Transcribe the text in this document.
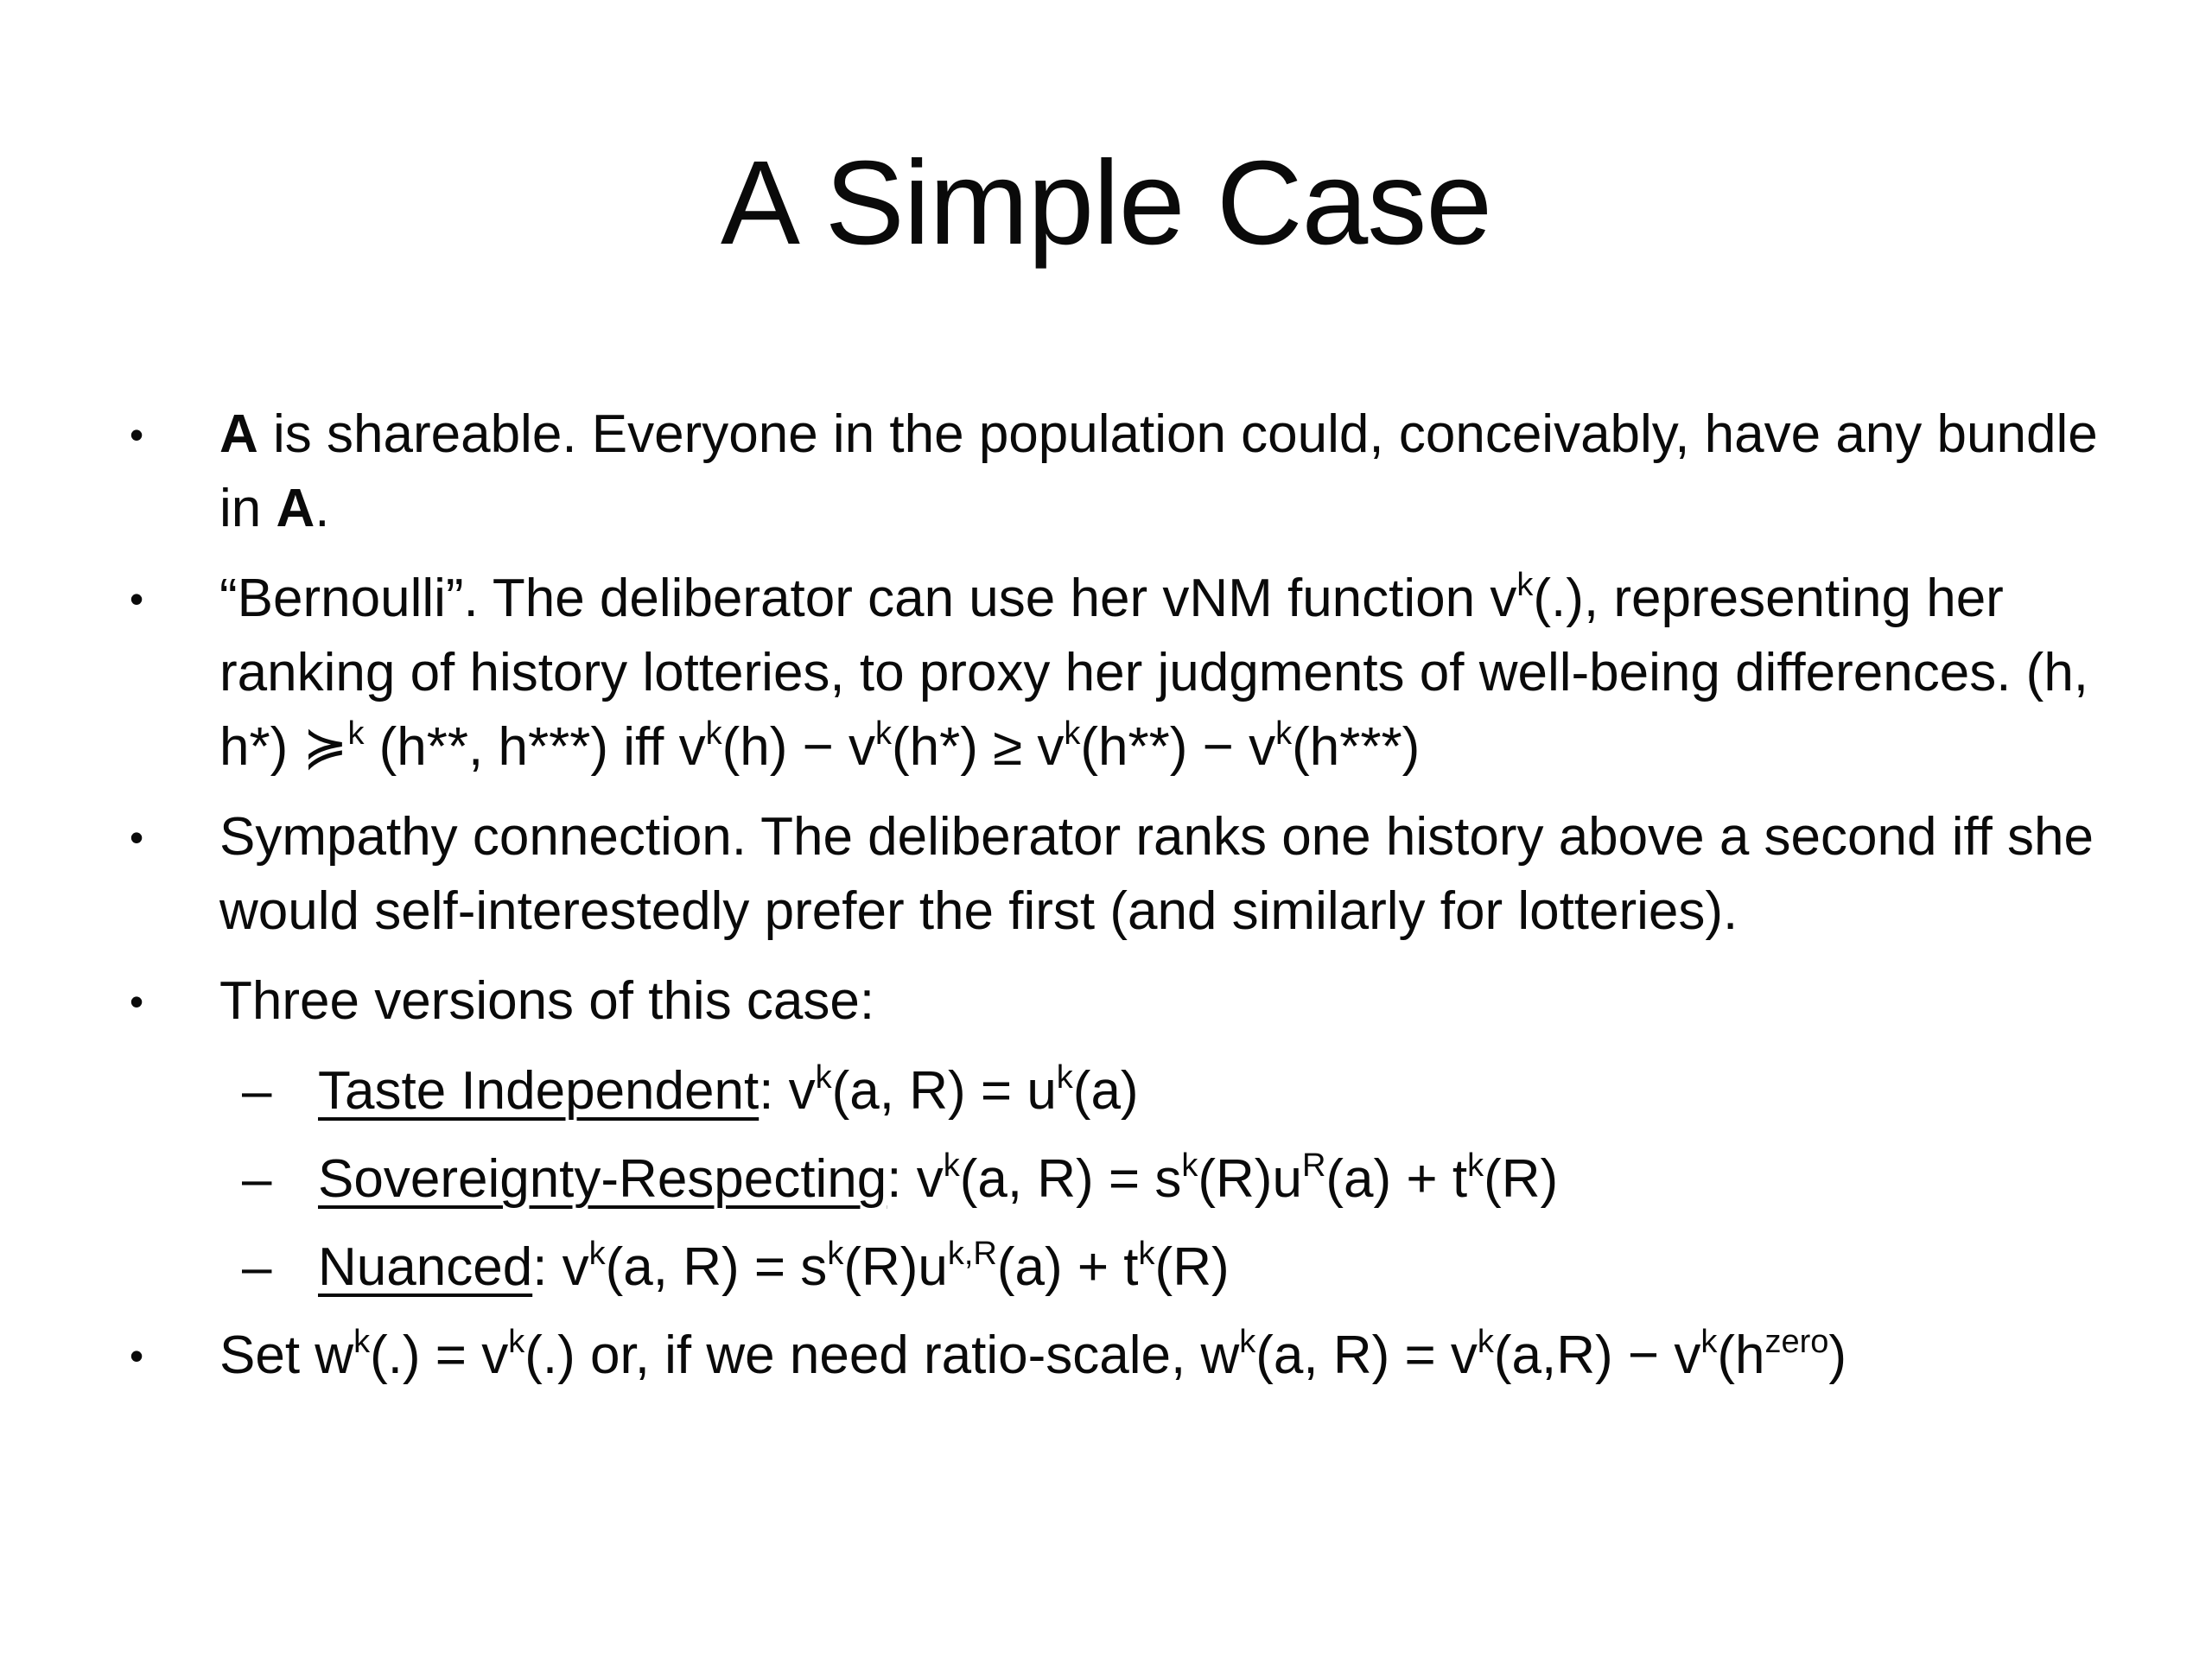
A Simple Case
•	A is shareable. Everyone in the population could, conceivably, have any bundle in A.
•	“Bernoulli”. The deliberator can use her vNM function $v^k(.)$, representing her ranking of history lotteries, to proxy her judgments of well-being differences. (h, h*) ≽$^k$ (h**, h***) iff $v^k(h) - v^k(h*) \ge v^k(h**) - v^k(h***)$
•	Sympathy connection. The deliberator ranks one history above a second iff she would self-interestedly prefer the first (and similarly for lotteries).
•	Three versions of this case:
– Taste Independent: $v^k(a$, $R) = u^k(a)$
– Sovereignty-Respecting: $v^k(a$, $R) = s^k(R)u^R(a) + t^k(R)$
– Nuanced: $v^k(a$, $R) = s^k(R)u^{k,R}(a) + t^k(R)$
•	Set $w^k(.) = v^k(.)$ or, if we need ratio-scale, $w^k(a$, $R) = v^k(a,R) - v^k(h^{zero})$
